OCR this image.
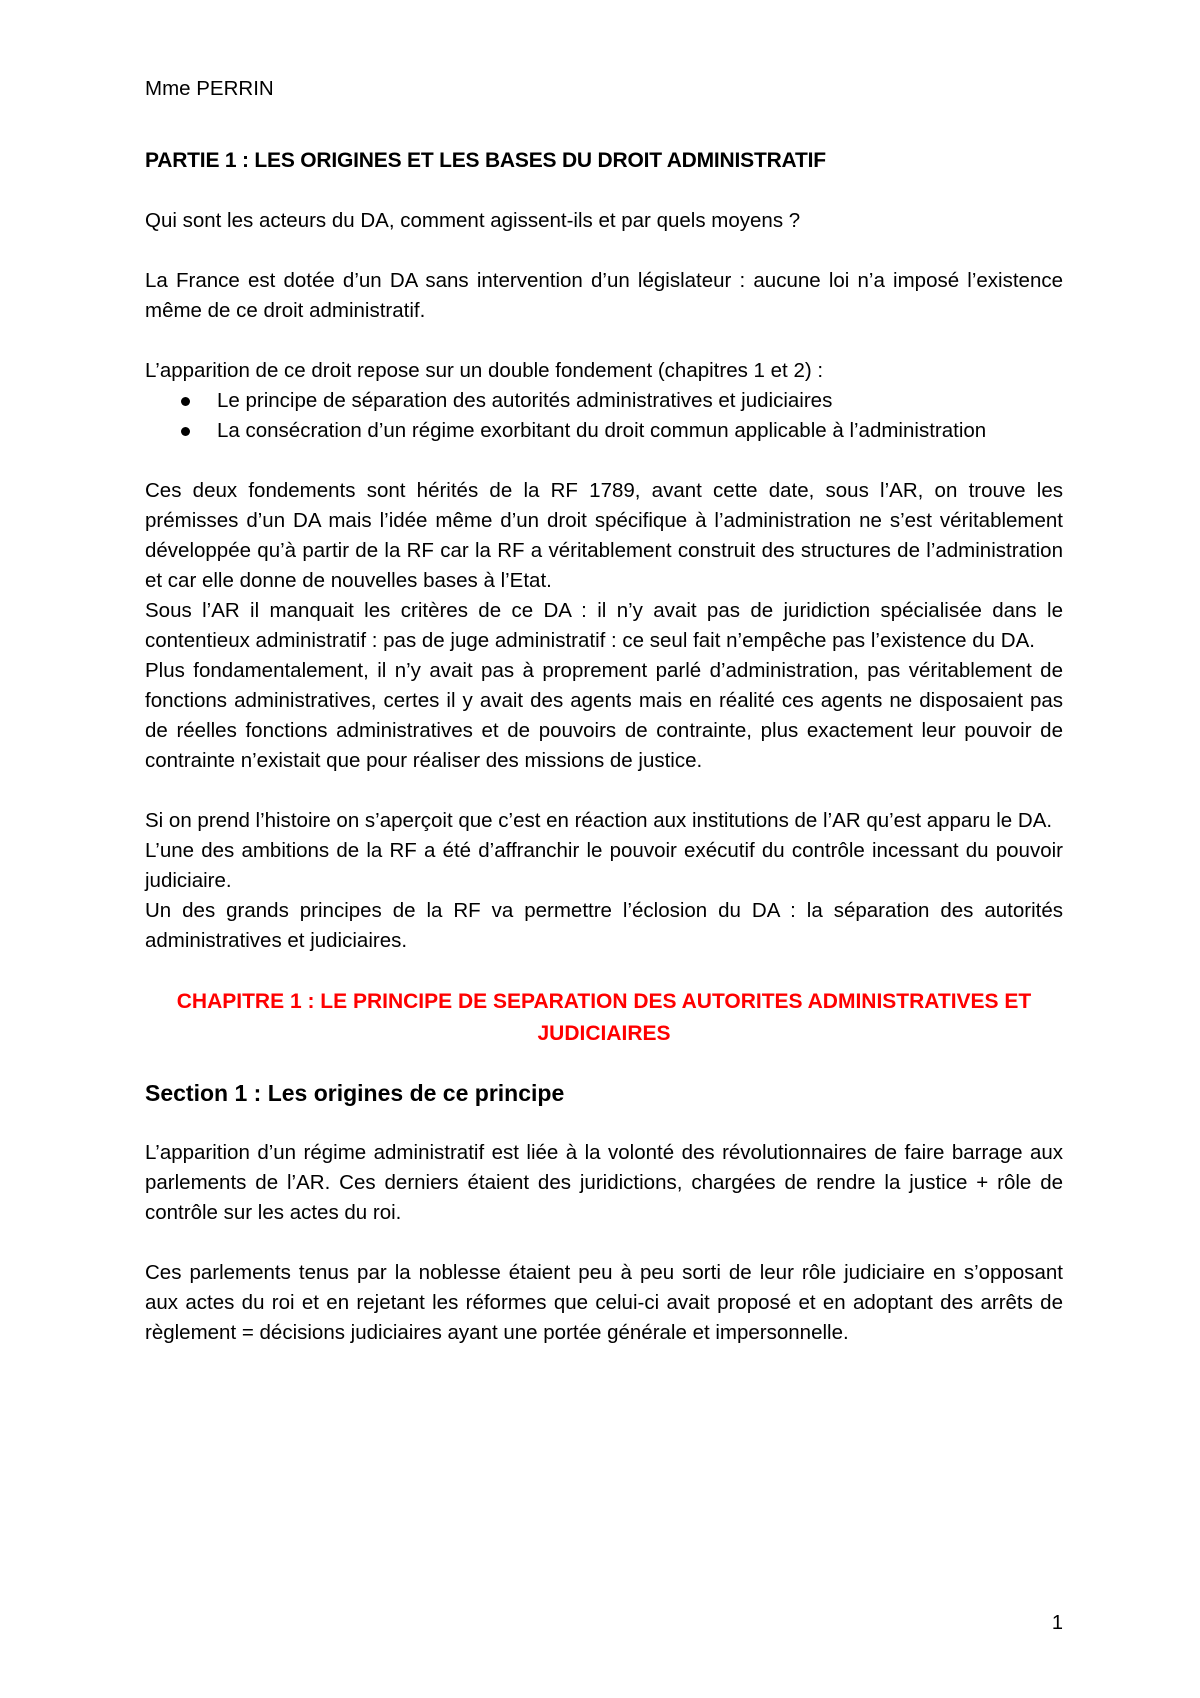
Mme PERRIN

PARTIE 1 : LES ORIGINES ET LES BASES DU DROIT ADMINISTRATIF

Qui sont les acteurs du DA, comment agissent-ils et par quels moyens ?

La France est dotée d’un DA sans intervention d’un législateur : aucune loi n’a imposé l’existence même de ce droit administratif.

L’apparition de ce droit repose sur un double fondement (chapitres 1 et 2) :

Le principe de séparation des autorités administratives et judiciaires
La consécration d’un régime exorbitant du droit commun applicable à l’administration

Ces deux fondements sont hérités de la RF 1789, avant cette date, sous l’AR, on trouve les prémisses d’un DA mais l’idée même d’un droit spécifique à l’administration ne s’est véritablement développée qu’à partir de la RF car la RF a véritablement construit des structures de l’administration et car elle donne de nouvelles bases à l’Etat.

Sous l’AR il manquait les critères de ce DA : il n’y avait pas de juridiction spécialisée dans le contentieux administratif : pas de juge administratif : ce seul fait n’empêche pas l’existence du DA.

Plus fondamentalement, il n’y avait pas à proprement parlé d’administration, pas véritablement de fonctions administratives, certes il y avait des agents mais en réalité ces agents ne disposaient pas de réelles fonctions administratives et de pouvoirs de contrainte, plus exactement leur pouvoir de contrainte n’existait que pour réaliser des missions de justice.

Si on prend l’histoire on s’aperçoit que c’est en réaction aux institutions de l’AR qu’est apparu le DA.

L’une des ambitions de la RF a été d’affranchir le pouvoir exécutif du contrôle incessant du pouvoir judiciaire.

Un des grands principes de la RF va permettre l’éclosion du DA : la séparation des autorités administratives et judiciaires.

CHAPITRE 1 : LE PRINCIPE DE SEPARATION DES AUTORITES ADMINISTRATIVES ET JUDICIAIRES

Section 1 : Les origines de ce principe

L’apparition d’un régime administratif est liée à la volonté des révolutionnaires de faire barrage aux parlements de l’AR. Ces derniers étaient des juridictions, chargées de rendre la justice + rôle de contrôle sur les actes du roi.

Ces parlements tenus par la noblesse étaient peu à peu sorti de leur rôle judiciaire en s’opposant aux actes du roi et en rejetant les réformes que celui-ci avait proposé et en adoptant des arrêts de règlement = décisions judiciaires ayant une portée générale et impersonnelle.

1
